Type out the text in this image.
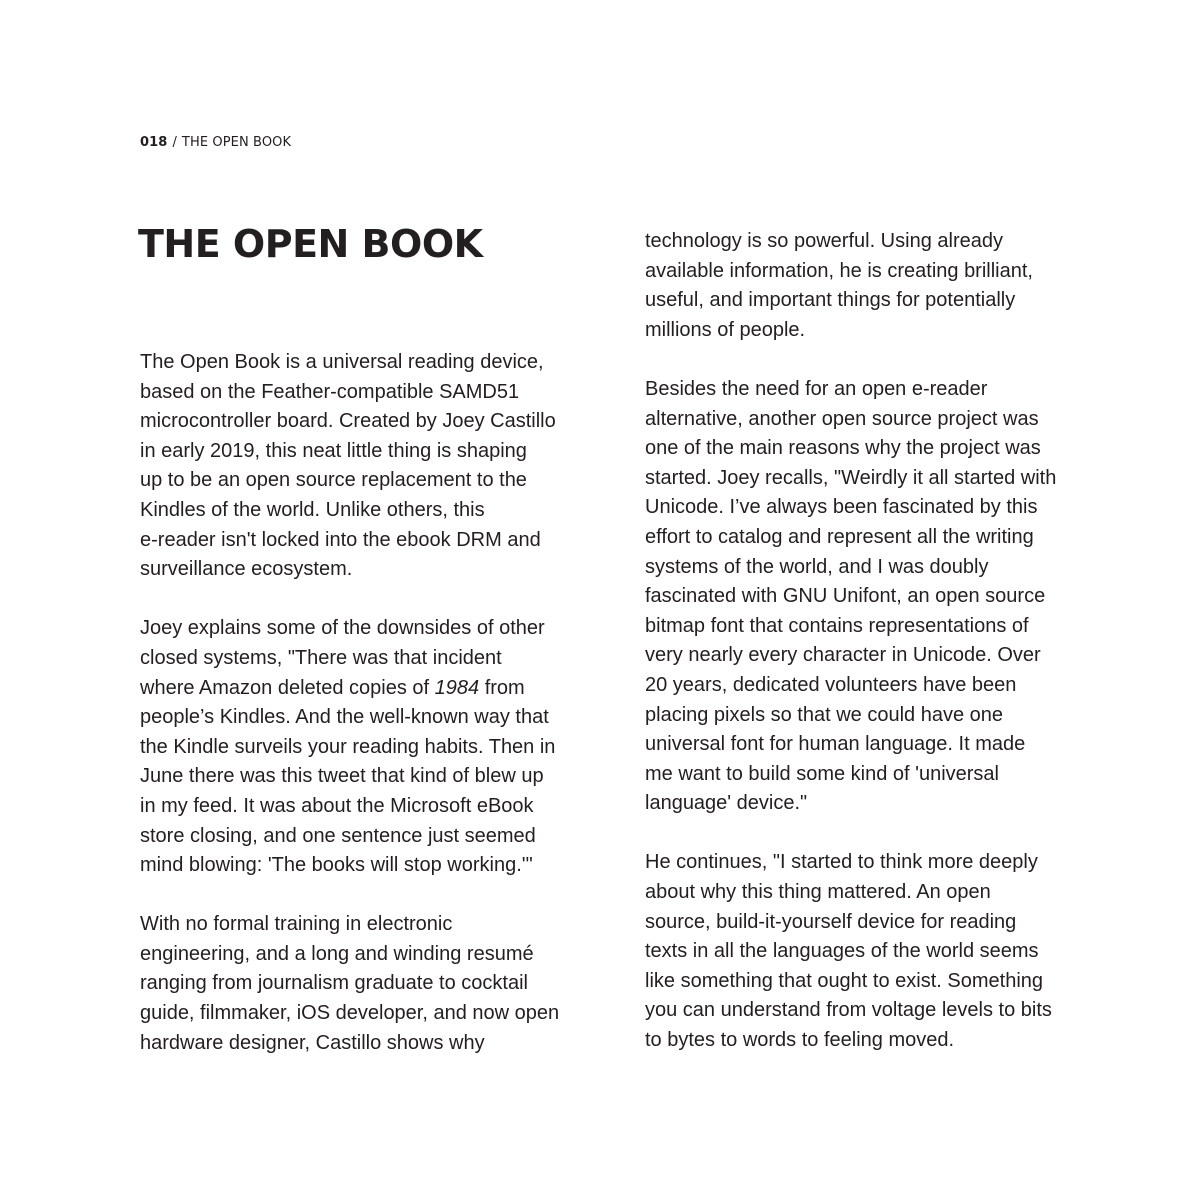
018 / THE OPEN BOOK
THE OPEN BOOK

The Open Book is a universal reading device,
based on the Feather-compatible SAMD51
microcontroller board. Created by Joey Castillo
in early 2019, this neat little thing is shaping
up to be an open source replacement to the
Kindles of the world. Unlike others, this
e-reader isn't locked into the ebook DRM and
surveillance ecosystem.

Joey explains some of the downsides of other
closed systems, "There was that incident
where Amazon deleted copies of 1984 from
people’s Kindles. And the well-known way that
the Kindle surveils your reading habits. Then in
June there was this tweet that kind of blew up
in my feed. It was about the Microsoft eBook
store closing, and one sentence just seemed
mind blowing: 'The books will stop working.'"

With no formal training in electronic
engineering, and a long and winding resumé
ranging from journalism graduate to cocktail
guide, filmmaker, iOS developer, and now open
hardware designer, Castillo shows why

technology is so powerful. Using already
available information, he is creating brilliant,
useful, and important things for potentially
millions of people.

Besides the need for an open e-reader
alternative, another open source project was
one of the main reasons why the project was
started. Joey recalls, "Weirdly it all started with
Unicode. I’ve always been fascinated by this
effort to catalog and represent all the writing
systems of the world, and I was doubly
fascinated with GNU Unifont, an open source
bitmap font that contains representations of
very nearly every character in Unicode. Over
20 years, dedicated volunteers have been
placing pixels so that we could have one
universal font for human language. It made
me want to build some kind of 'universal
language' device."

He continues, "I started to think more deeply
about why this thing mattered. An open
source, build-it-yourself device for reading
texts in all the languages of the world seems
like something that ought to exist. Something
you can understand from voltage levels to bits
to bytes to words to feeling moved.
